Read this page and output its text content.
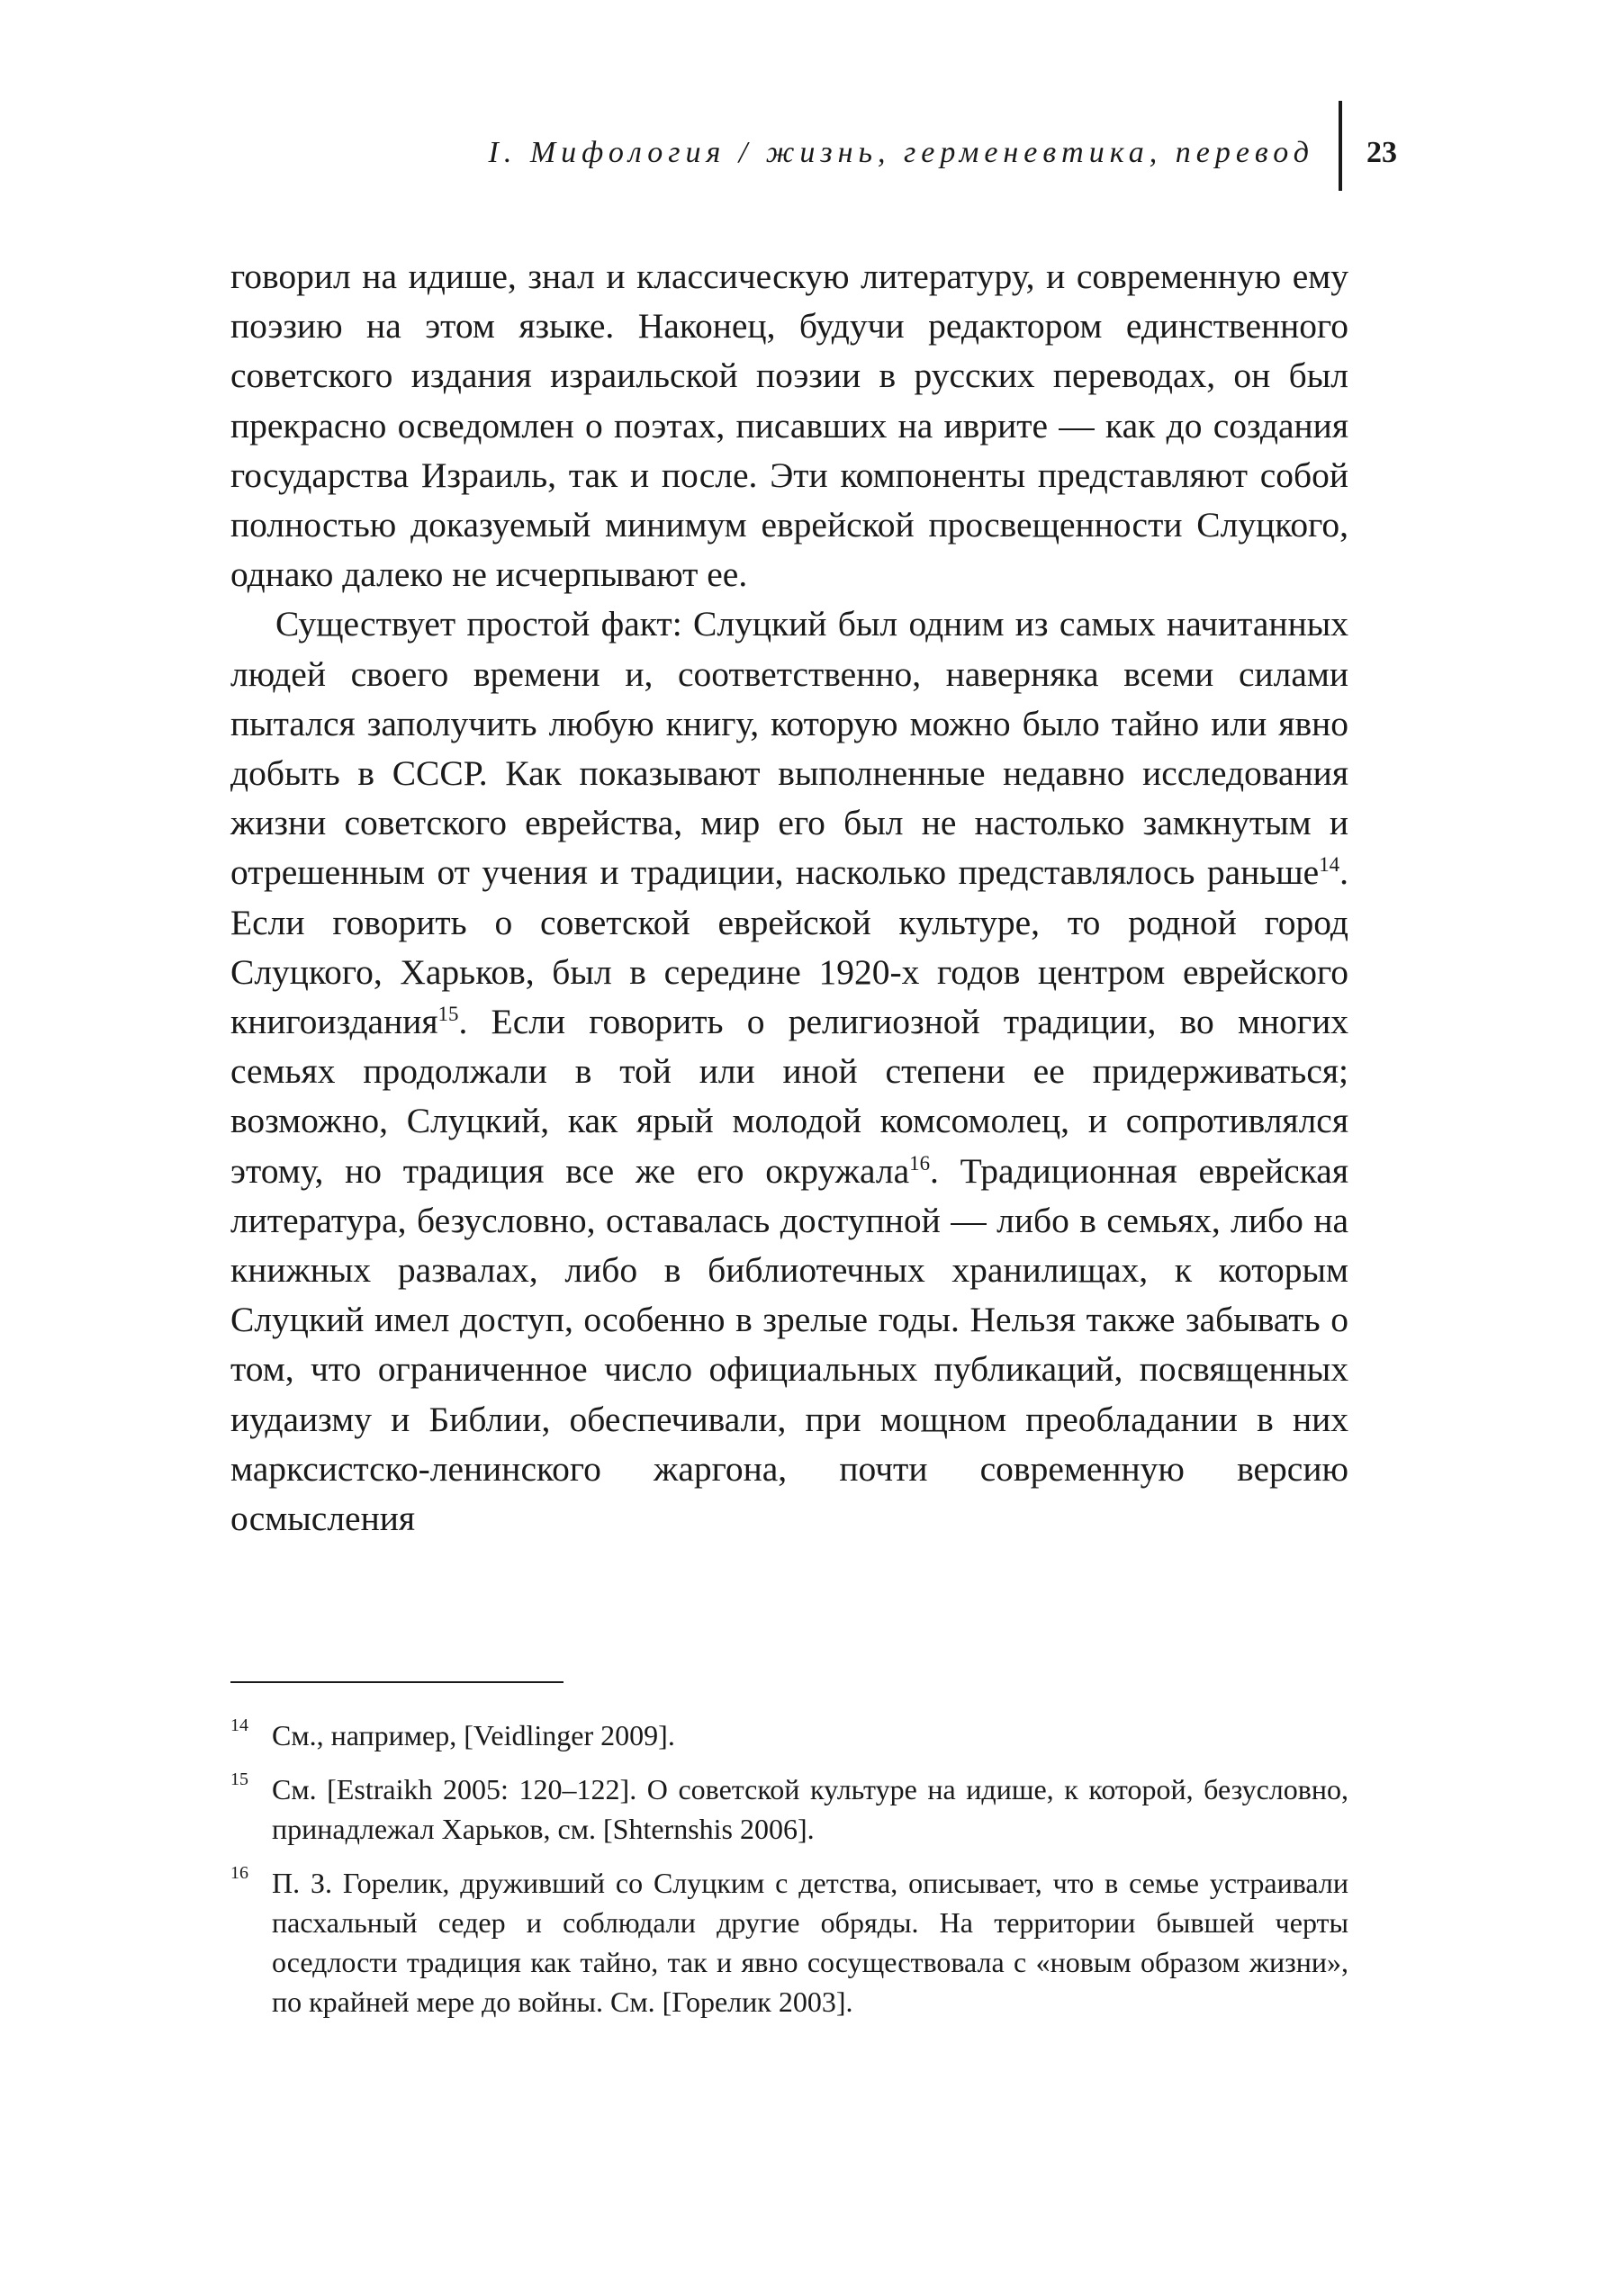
I. Мифология / жизнь, герменевтика, перевод 23

говорил на идише, знал и классическую литературу, и современную ему поэзию на этом языке. Наконец, будучи редактором единственного советского издания израильской поэзии в русских переводах, он был прекрасно осведомлен о поэтах, писавших на иврите — как до создания государства Израиль, так и после. Эти компоненты представляют собой полностью доказуемый минимум еврейской просвещенности Слуцкого, однако далеко не исчерпывают ее.

Существует простой факт: Слуцкий был одним из самых начитанных людей своего времени и, соответственно, наверняка всеми силами пытался заполучить любую книгу, которую можно было тайно или явно добыть в СССР. Как показывают выполненные недавно исследования жизни советского еврейства, мир его был не настолько замкнутым и отрешенным от учения и традиции, насколько представлялось раньше$^{14}$. Если говорить о советской еврейской культуре, то родной город Слуцкого, Харьков, был в середине 1920-х годов центром еврейского книгоиздания$^{15}$. Если говорить о религиозной традиции, во многих семьях продолжали в той или иной степени ее придерживаться; возможно, Слуцкий, как ярый молодой комсомолец, и сопротивлялся этому, но традиция все же его окружала$^{16}$. Традиционная еврейская литература, безусловно, оставалась доступной — либо в семьях, либо на книжных развалах, либо в библиотечных хранилищах, к которым Слуцкий имел доступ, особенно в зрелые годы. Нельзя также забывать о том, что ограниченное число официальных публикаций, посвященных иудаизму и Библии, обеспечивали, при мощном преобладании в них марксистско-ленинского жаргона, почти современную версию осмысления

14 См., например, [Veidlinger 2009].
15 См. [Estraikh 2005: 120–122]. О советской культуре на идише, к которой, безусловно, принадлежал Харьков, см. [Shternshis 2006].
16 П. З. Горелик, друживший со Слуцким с детства, описывает, что в семье устраивали пасхальный седер и соблюдали другие обряды. На территории бывшей черты оседлости традиция как тайно, так и явно сосуществовала с «новым образом жизни», по крайней мере до войны. См. [Горелик 2003].
